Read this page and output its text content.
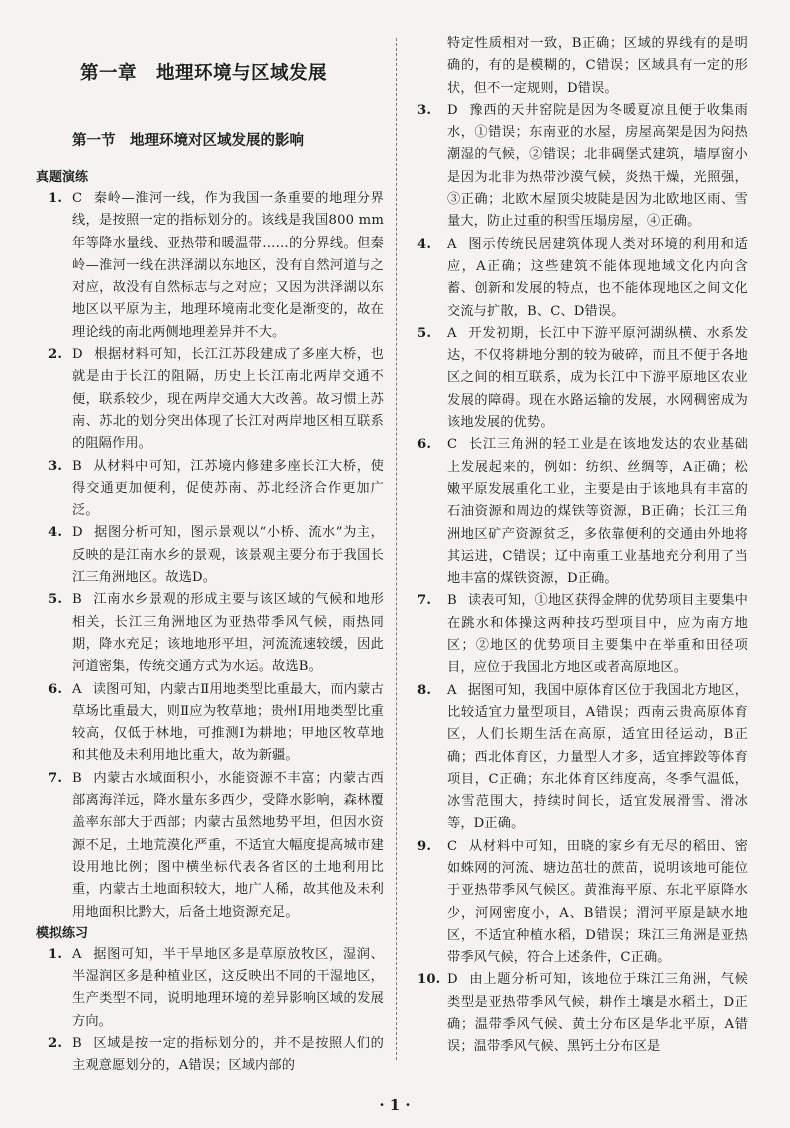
第一章　地理环境与区域发展
第一节　地理环境对区域发展的影响
真题演练
1. C 秦岭—淮河一线，作为我国一条重要的地理分界线，是按照一定的指标划分的。该线是我国800 mm年等降水量线、亚热带和暖温带……的分界线。但秦岭—淮河一线在洪泽湖以东地区，没有自然河道与之对应，故没有自然标志与之对应；又因为洪泽湖以东地区以平原为主，地理环境南北变化是渐变的，故在理论线的南北两侧地理差异并不大。
2. D 根据材料可知，长江江苏段建成了多座大桥，也就是由于长江的阻隔，历史上长江南北两岸交通不便，联系较少，现在两岸交通大大改善。故习惯上苏南、苏北的划分突出体现了长江对两岸地区相互联系的阻隔作用。
3. B 从材料中可知，江苏境内修建多座长江大桥，使得交通更加便利，促使苏南、苏北经济合作更加广泛。
4. D 据图分析可知，图示景观以“小桥、流水”为主，反映的是江南水乡的景观，该景观主要分布于我国长江三角洲地区。故选D。
5. B 江南水乡景观的形成主要与该区域的气候和地形相关，长江三角洲地区为亚热带季风气候，雨热同期，降水充足；该地地形平坦，河流流速较缓，因此河道密集，传统交通方式为水运。故选B。
6. A 读图可知，内蒙古Ⅱ用地类型比重最大，而内蒙古草场比重最大，则Ⅱ应为牧草地；贵州Ⅰ用地类型比重较高，仅低于林地，可推测Ⅰ为耕地；甲地区牧草地和其他及未利用地比重大，故为新疆。
7. B 内蒙古水域面积小，水能资源不丰富；内蒙古西部离海洋远，降水量东多西少，受降水影响，森林覆盖率东部大于西部；内蒙古虽然地势平坦，但因水资源不足，土地荒漠化严重，不适宜大幅度提高城市建设用地比例；图中横坐标代表各省区的土地利用比重，内蒙古土地面积较大，地广人稀，故其他及未利用地面积比黔大，后备土地资源充足。
模拟练习
1. A 据图可知，半干旱地区多是草原放牧区，湿润、半湿润区多是种植业区，这反映出不同的干湿地区，生产类型不同，说明地理环境的差异影响区域的发展方向。
2. B 区域是按一定的指标划分的，并不是按照人们的主观意愿划分的，A错误；区域内部的
特定性质相对一致，B正确；区域的界线有的是明确的，有的是模糊的，C错误；区域具有一定的形状，但不一定规则，D错误。
3. D 豫西的天井窑院是因为冬暖夏凉且便于收集雨水，①错误；东南亚的水屋，房屋高架是因为闷热潮湿的气候，②错误；北非碉堡式建筑，墙厚窗小是因为北非为热带沙漠气候，炎热干燥，光照强，③正确；北欧木屋顶尖坡陡是因为北欧地区雨、雪量大，防止过重的积雪压塌房屋，④正确。
4. A 图示传统民居建筑体现人类对环境的利用和适应，A正确；这些建筑不能体现地域文化内向含蓄、创新和发展的特点，也不能体现地区之间文化交流与扩散，B、C、D错误。
5. A 开发初期，长江中下游平原河湖纵横、水系发达，不仅将耕地分割的较为破碎，而且不便于各地区之间的相互联系，成为长江中下游平原地区农业发展的障碍。现在水路运输的发展，水网稠密成为该地发展的优势。
6. C 长江三角洲的轻工业是在该地发达的农业基础上发展起来的，例如：纺织、丝绸等，A正确；松嫩平原发展重化工业，主要是由于该地具有丰富的石油资源和周边的煤铁等资源，B正确；长江三角洲地区矿产资源贫乏，多依靠便利的交通由外地将其运进，C错误；辽中南重工业基地充分利用了当地丰富的煤铁资源，D正确。
7. B 读表可知，①地区获得金牌的优势项目主要集中在跳水和体操这两种技巧型项目中，应为南方地区；②地区的优势项目主要集中在举重和田径项目，应位于我国北方地区或者高原地区。
8. A 据图可知，我国中原体育区位于我国北方地区，比较适宜力量型项目，A错误；西南云贵高原体育区，人们长期生活在高原，适宜田径运动，B正确；西北体育区，力量型人才多，适宜摔跤等体育项目，C正确；东北体育区纬度高，冬季气温低，冰雪范围大，持续时间长，适宜发展滑雪、滑冰等，D正确。
9. C 从材料中可知，田晓的家乡有无尽的稻田、密如蛛网的河流、塘边茁壮的蔗苗，说明该地可能位于亚热带季风气候区。黄淮海平原、东北平原降水少，河网密度小，A、B错误；渭河平原是缺水地区，不适宜种植水稻，D错误；珠江三角洲是亚热带季风气候，符合上述条件，C正确。
10. D 由上题分析可知，该地位于珠江三角洲，气候类型是亚热带季风气候，耕作土壤是水稻土，D正确；温带季风气候、黄土分布区是华北平原，A错误；温带季风气候、黑钙土分布区是
· 1 ·
